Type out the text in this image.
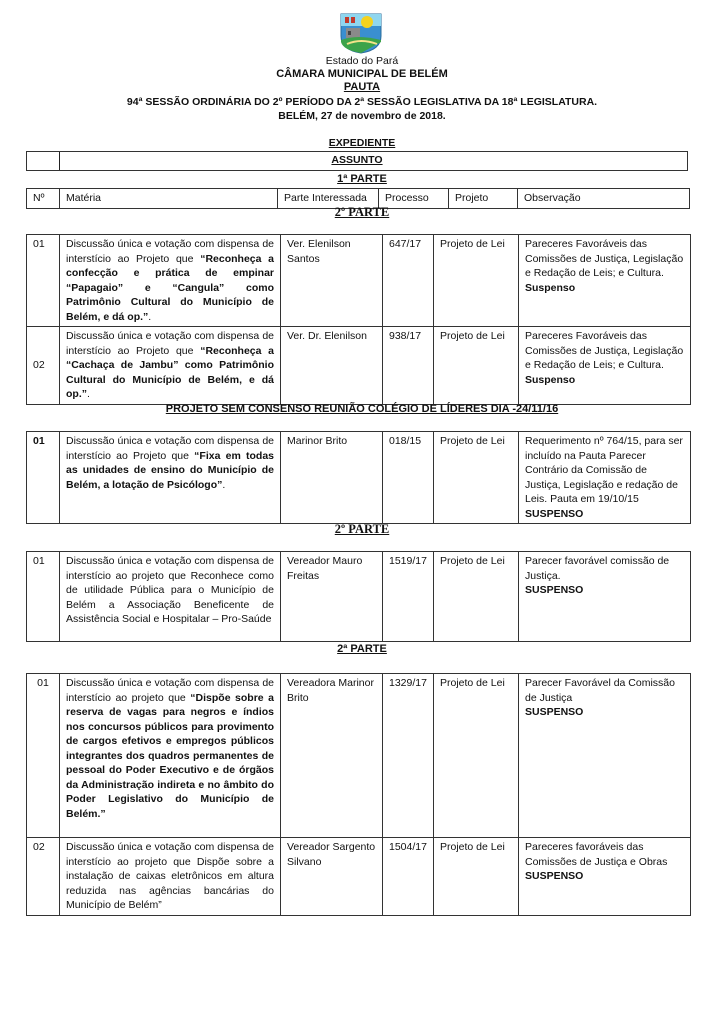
Estado do Pará
CÂMARA MUNICIPAL DE BELÉM
PAUTA
94ª SESSÃO ORDINÁRIA DO 2º PERÍODO DA 2ª SESSÃO LEGISLATIVA DA 18ª LEGISLATURA.
BELÉM, 27 de novembro de 2018.
EXPEDIENTE
ASSUNTO
1ª PARTE
Nº	Matéria	Parte Interessada	Processo	Projeto	Observação
2º PARTE
01	Discussão única e votação com dispensa de interstício ao Projeto que “Reconheça a confecção e prática de empinar “Papagaio” e “Cangula” como Patrimônio Cultural do Município de Belém, e dá op.”.	Ver. Elenilson Santos	647/17	Projeto de Lei	Pareceres Favoráveis das Comissões de Justiça, Legislação e Redação de Leis; e Cultura.
Suspenso
02	Discussão única e votação com dispensa de interstício ao Projeto que “Reconheça a “Cachaça de Jambu” como Patrimônio Cultural do Município de Belém, e dá op.”.	Ver. Dr. Elenilson	938/17	Projeto de Lei	Pareceres Favoráveis das Comissões de Justiça, Legislação e Redação de Leis; e Cultura.
Suspenso
PROJETO SEM CONSENSO REUNIÃO COLÉGIO DE LÍDERES DIA -24/11/16
01	Discussão única e votação com dispensa de interstício ao Projeto que “Fixa em todas as unidades de ensino do Município de Belém, a lotação de Psicólogo”.	Marinor Brito	018/15	Projeto de Lei	Requerimento nº 764/15, para ser incluído na Pauta Parecer Contrário da Comissão de Justiça, Legislação e redação de Leis. Pauta em 19/10/15
SUSPENSO
2º PARTE
01	Discussão única e votação com dispensa de interstício ao projeto que Reconhece como de utilidade Pública para o Município de Belém a Associação Beneficente de Assistência Social e Hospitalar – Pro-Saúde	Vereador Mauro Freitas	1519/17	Projeto de Lei	Parecer favorável comissão de Justiça.
SUSPENSO
2ª PARTE
01	Discussão única e votação com dispensa de interstício ao projeto que “Dispõe sobre a reserva de vagas para negros e índios nos concursos públicos para provimento de cargos efetivos e empregos públicos integrantes dos quadros permanentes de pessoal do Poder Executivo e de órgãos da Administração indireta e no âmbito do Poder Legislativo do Município de Belém.”	Vereadora Marinor Brito	1329/17	Projeto de Lei	Parecer Favorável da Comissão de Justiça
SUSPENSO
02	Discussão única e votação com dispensa de interstício ao projeto que Dispõe sobre a instalação de caixas eletrônicos em altura reduzida nas agências bancárias do Município de Belém”	Vereador Sargento Silvano	1504/17	Projeto de Lei	Pareceres favoráveis das Comissões de Justiça e Obras
SUSPENSO
